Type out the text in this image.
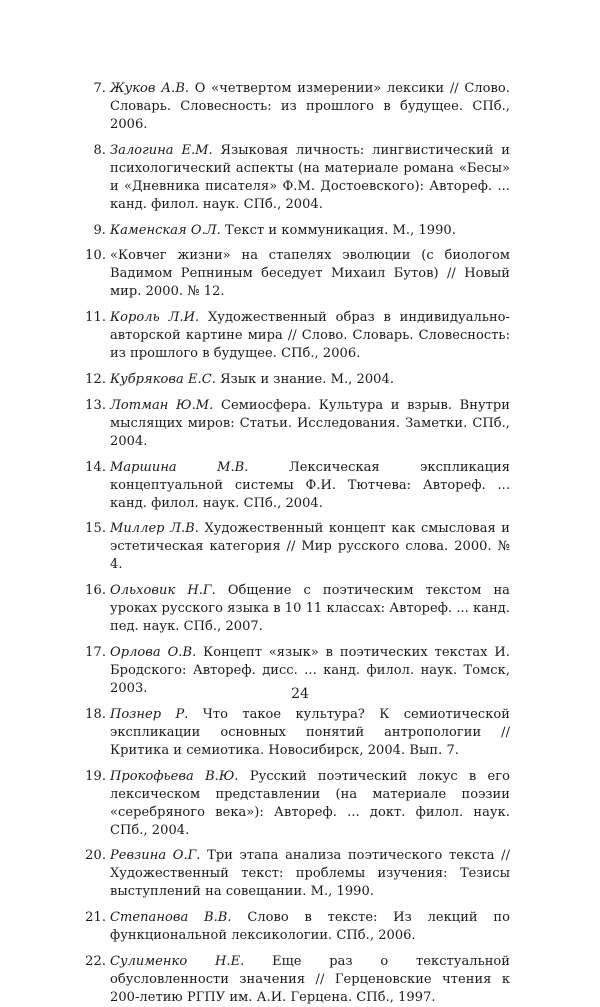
7. Жуков А.В. О «четвертом измерении» лексики // Слово. Словарь. Словесность: из прошлого в будущее. СПб., 2006.
8. Залогина Е.М. Языковая личность: лингвистический и психологический аспекты (на материале романа «Бесы» и «Дневника писателя» Ф.М. Достоевского): Автореф. ... канд. филол. наук. СПб., 2004.
9. Каменская О.Л. Текст и коммуникация. М., 1990.
10. «Ковчег жизни» на стапелях эволюции (с биологом Вадимом Репниным беседует Михаил Бутов) // Новый мир. 2000. № 12.
11. Король Л.И. Художественный образ в индивидуально-авторской картине мира // Слово. Словарь. Словесность: из прошлого в будущее. СПб., 2006.
12. Кубрякова Е.С. Язык и знание. М., 2004.
13. Лотман Ю.М. Семиосфера. Культура и взрыв. Внутри мыслящих миров: Статьи. Исследования. Заметки. СПб., 2004.
14. Маршина М.В. Лексическая экспликация концептуальной системы Ф.И. Тютчева: Автореф. ... канд. филол. наук. СПб., 2004.
15. Миллер Л.В. Художественный концепт как смысловая и эстетическая категория // Мир русского слова. 2000. № 4.
16. Ольховик Н.Г. Общение с поэтическим текстом на уроках русского языка в 10 11 классах: Автореф. ... канд. пед. наук. СПб., 2007.
17. Орлова О.В. Концепт «язык» в поэтических текстах И. Бродского: Автореф. дисс. ... канд. филол. наук. Томск, 2003.
18. Познер Р. Что такое культура? К семиотической экспликации основных понятий антропологии // Критика и семиотика. Новосибирск, 2004. Вып. 7.
19. Прокофьева В.Ю. Русский поэтический локус в его лексическом представлении (на материале поэзии «серебряного века»): Автореф. ... докт. филол. наук. СПб., 2004.
20. Ревзина О.Г. Три этапа анализа поэтического текста // Художественный текст: проблемы изучения: Тезисы выступлений на совещании. М., 1990.
21. Степанова В.В. Слово в тексте: Из лекций по функциональной лексикологии. СПб., 2006.
22. Сулименко Н.Е. Еще раз о текстуальной обусловленности значения // Герценовские чтения к 200-летию РГПУ им. А.И. Герцена. СПб., 1997.
24
